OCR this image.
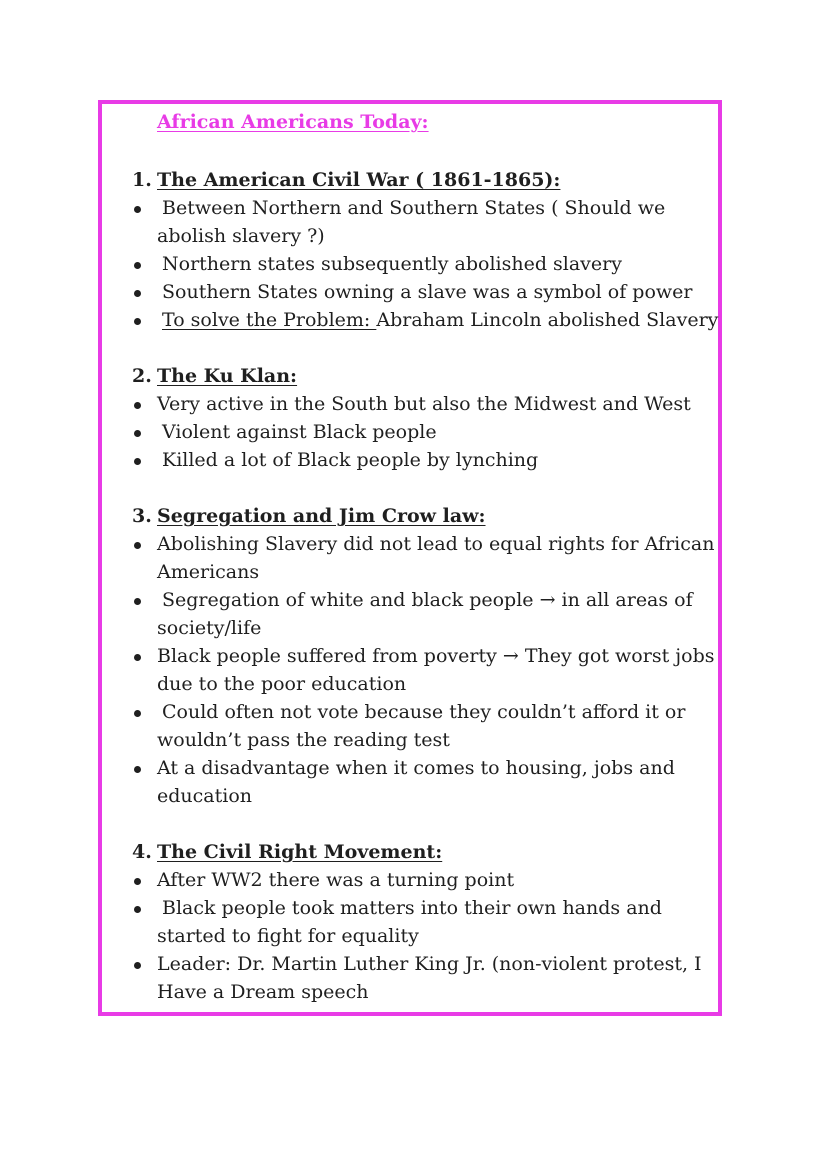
African Americans Today:
1. The American Civil War ( 1861-1865):
Between Northern and Southern States ( Should we
abolish slavery ?)
Northern states subsequently abolished slavery
Southern States owning a slave was a symbol of power
To solve the Problem: Abraham Lincoln abolished Slavery
2. The Ku Klan:
Very active in the South but also the Midwest and West
Violent against Black people
Killed a lot of Black people by lynching
3. Segregation and Jim Crow law:
Abolishing Slavery did not lead to equal rights for African
Americans
Segregation of white and black people → in all areas of
society/life
Black people suffered from poverty → They got worst jobs
due to the poor education
Could often not vote because they couldn’t afford it or
wouldn’t pass the reading test
At a disadvantage when it comes to housing, jobs and
education
4. The Civil Right Movement:
After WW2 there was a turning point
Black people took matters into their own hands and
started to fight for equality
Leader: Dr. Martin Luther King Jr. (non-violent protest, I
Have a Dream speech
